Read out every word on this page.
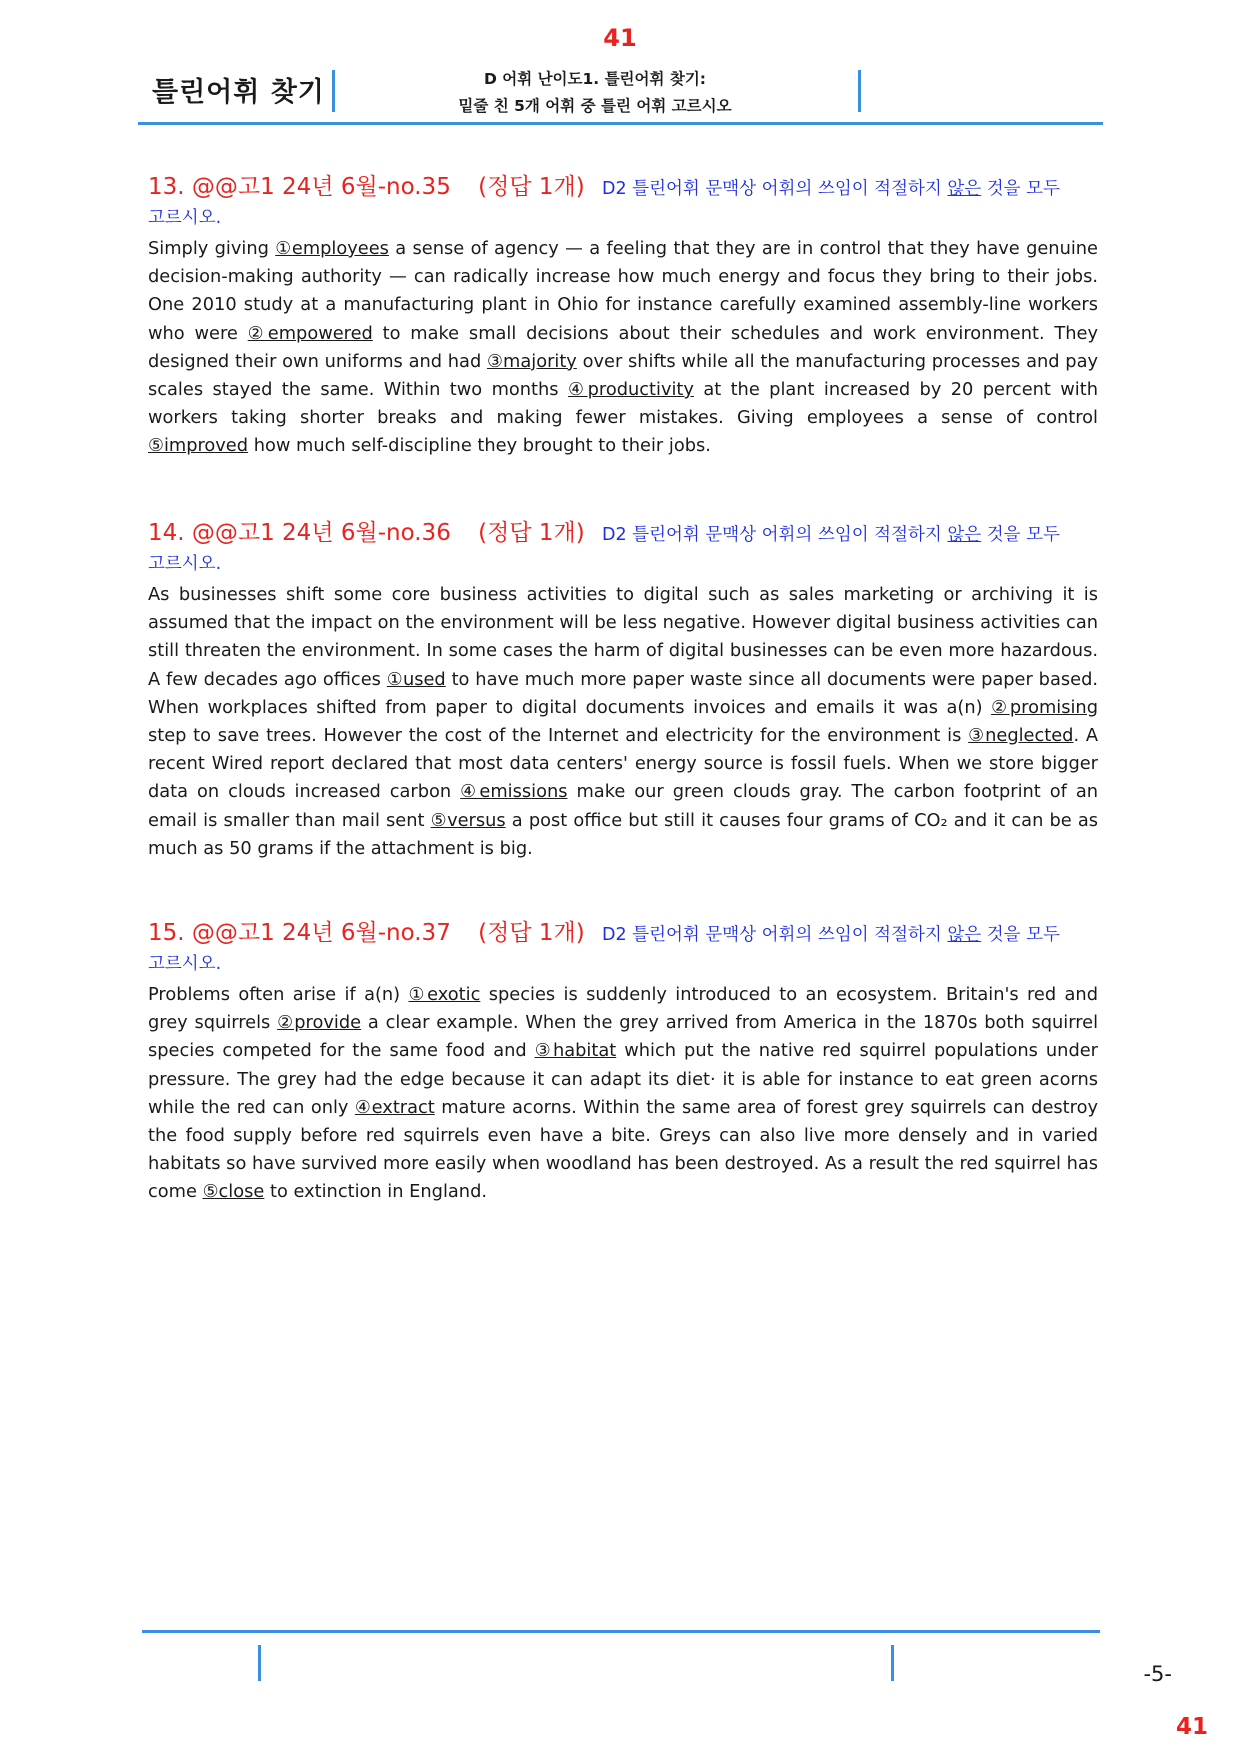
41
틀린어휘 찾기	D 어휘 난이도1. 틀린어휘 찾기:
밑줄 친 5개 어휘 중 틀린 어휘 고르시오
13. @@고1 24년 6월-no.35 (정답 1개) D2 틀린어휘 문맥상 어휘의 쓰임이 적절하지 않은 것을 모두
고르시오.
Simply giving ①employees a sense of agency — a feeling that they are in control that they have genuine decision-making authority — can radically increase how much energy and focus they bring to their jobs. One 2010 study at a manufacturing plant in Ohio for instance carefully examined assembly-line workers who were ②empowered to make small decisions about their schedules and work environment. They designed their own uniforms and had ③majority over shifts while all the manufacturing processes and pay scales stayed the same. Within two months ④productivity at the plant increased by 20 percent with workers taking shorter breaks and making fewer mistakes. Giving employees a sense of control ⑤improved how much self-discipline they brought to their jobs.
14. @@고1 24년 6월-no.36 (정답 1개) D2 틀린어휘 문맥상 어휘의 쓰임이 적절하지 않은 것을 모두
고르시오.
As businesses shift some core business activities to digital such as sales marketing or archiving it is assumed that the impact on the environment will be less negative. However digital business activities can still threaten the environment. In some cases the harm of digital businesses can be even more hazardous. A few decades ago offices ①used to have much more paper waste since all documents were paper based. When workplaces shifted from paper to digital documents invoices and emails it was a(n) ②promising step to save trees. However the cost of the Internet and electricity for the environment is ③neglected. A recent Wired report declared that most data centers' energy source is fossil fuels. When we store bigger data on clouds increased carbon ④emissions make our green clouds gray. The carbon footprint of an email is smaller than mail sent ⑤versus a post office but still it causes four grams of CO₂ and it can be as much as 50 grams if the attachment is big.
15. @@고1 24년 6월-no.37 (정답 1개) D2 틀린어휘 문맥상 어휘의 쓰임이 적절하지 않은 것을 모두
고르시오.
Problems often arise if a(n) ①exotic species is suddenly introduced to an ecosystem. Britain's red and grey squirrels ②provide a clear example. When the grey arrived from America in the 1870s both squirrel species competed for the same food and ③habitat which put the native red squirrel populations under pressure. The grey had the edge because it can adapt its diet· it is able for instance to eat green acorns while the red can only ④extract mature acorns. Within the same area of forest grey squirrels can destroy the food supply before red squirrels even have a bite. Greys can also live more densely and in varied habitats so have survived more easily when woodland has been destroyed. As a result the red squirrel has come ⑤close to extinction in England.
-5-
41
